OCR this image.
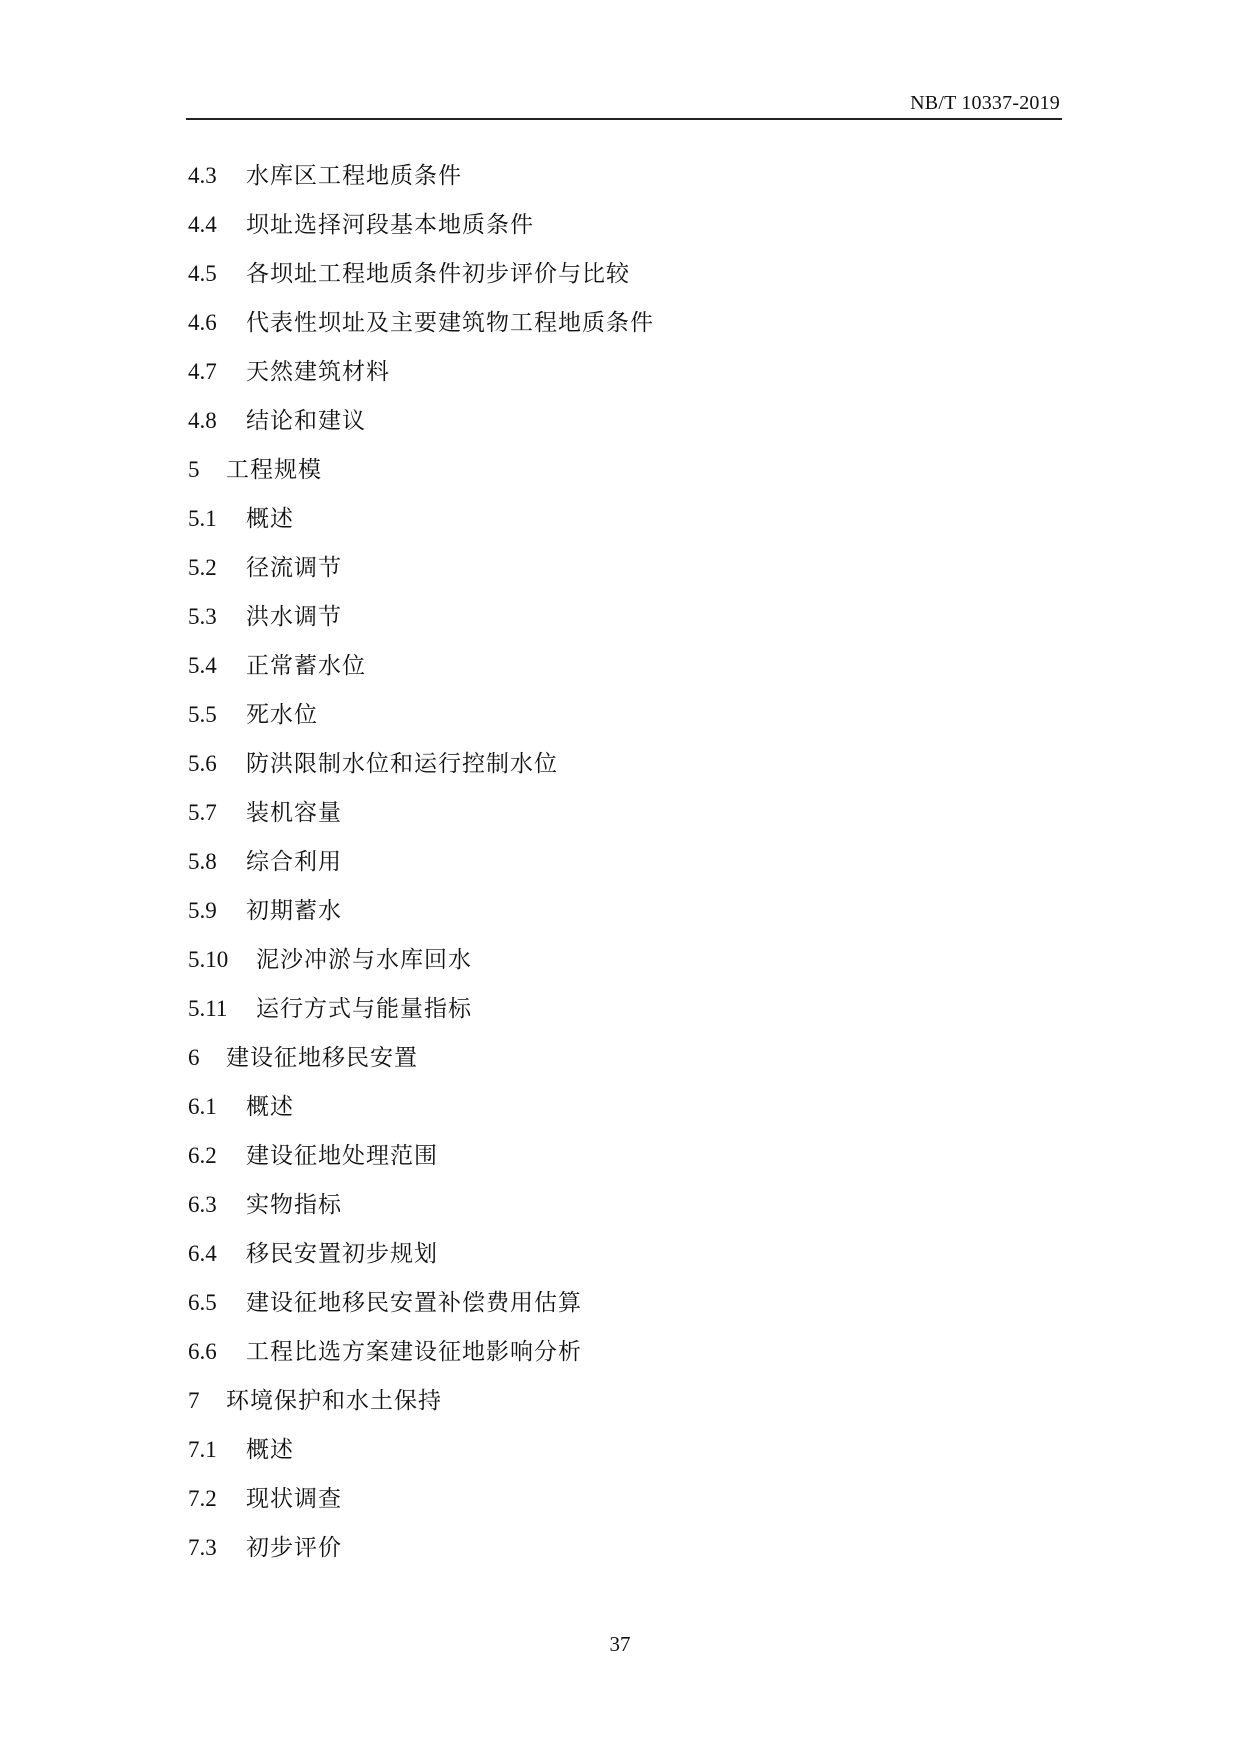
NB/T 10337-2019
4.3 水库区工程地质条件
4.4 坝址选择河段基本地质条件
4.5 各坝址工程地质条件初步评价与比较
4.6 代表性坝址及主要建筑物工程地质条件
4.7 天然建筑材料
4.8 结论和建议
5 工程规模
5.1 概述
5.2 径流调节
5.3 洪水调节
5.4 正常蓄水位
5.5 死水位
5.6 防洪限制水位和运行控制水位
5.7 装机容量
5.8 综合利用
5.9 初期蓄水
5.10 泥沙冲淤与水库回水
5.11 运行方式与能量指标
6 建设征地移民安置
6.1 概述
6.2 建设征地处理范围
6.3 实物指标
6.4 移民安置初步规划
6.5 建设征地移民安置补偿费用估算
6.6 工程比选方案建设征地影响分析
7 环境保护和水土保持
7.1 概述
7.2 现状调查
7.3 初步评价
37
